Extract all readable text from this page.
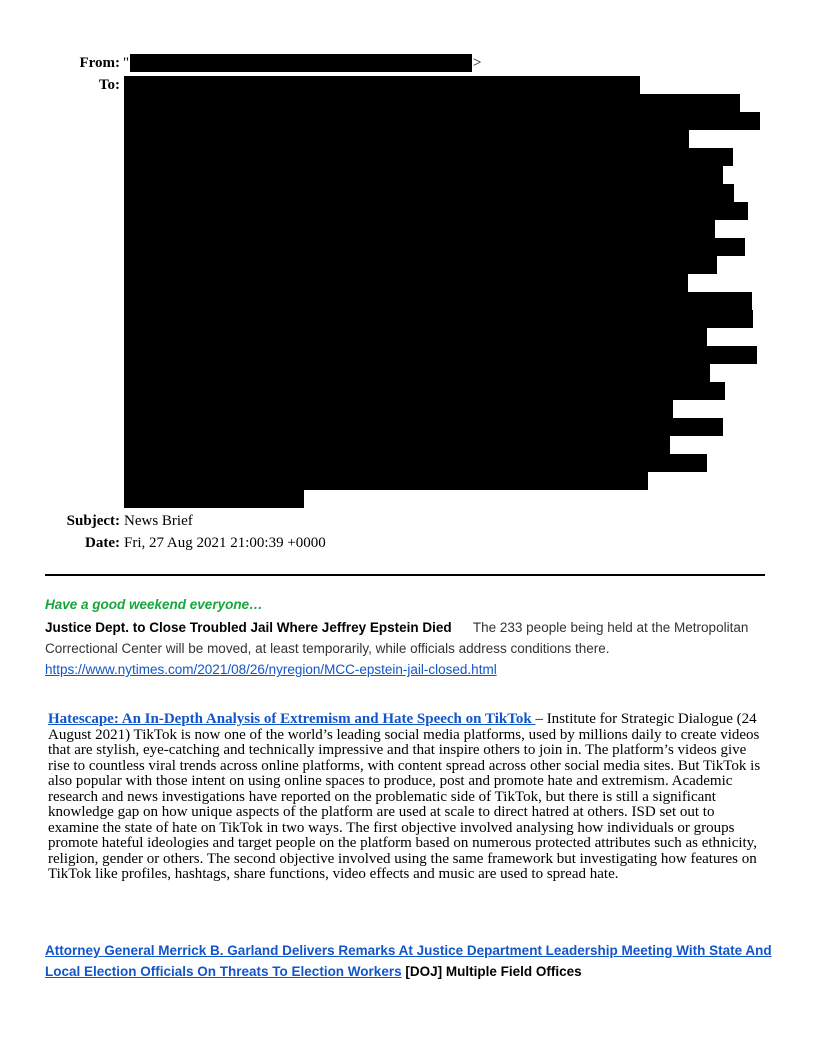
From: "	>
To:
Subject: News Brief
Date: Fri, 27 Aug 2021 21:00:39 +0000
Have a good weekend everyone…
Justice Dept. to Close Troubled Jail Where Jeffrey Epstein Died The 233 people being held at the Metropolitan Correctional Center will be moved, at least temporarily, while officials address conditions there.
https://www.nytimes.com/2021/08/26/nyregion/MCC-epstein-jail-closed.html
Hatescape: An In-Depth Analysis of Extremism and Hate Speech on TikTok – Institute for Strategic Dialogue (24 August 2021) TikTok is now one of the world’s leading social media platforms, used by millions daily to create videos that are stylish, eye-catching and technically impressive and that inspire others to join in. The platform’s videos give rise to countless viral trends across online platforms, with content spread across other social media sites. But TikTok is also popular with those intent on using online spaces to produce, post and promote hate and extremism. Academic research and news investigations have reported on the problematic side of TikTok, but there is still a significant knowledge gap on how unique aspects of the platform are used at scale to direct hatred at others. ISD set out to examine the state of hate on TikTok in two ways. The first objective involved analysing how individuals or groups promote hateful ideologies and target people on the platform based on numerous protected attributes such as ethnicity, religion, gender or others. The second objective involved using the same framework but investigating how features on TikTok like profiles, hashtags, share functions, video effects and music are used to spread hate.
Attorney General Merrick B. Garland Delivers Remarks At Justice Department Leadership Meeting With State And Local Election Officials On Threats To Election Workers [DOJ] Multiple Field Offices
